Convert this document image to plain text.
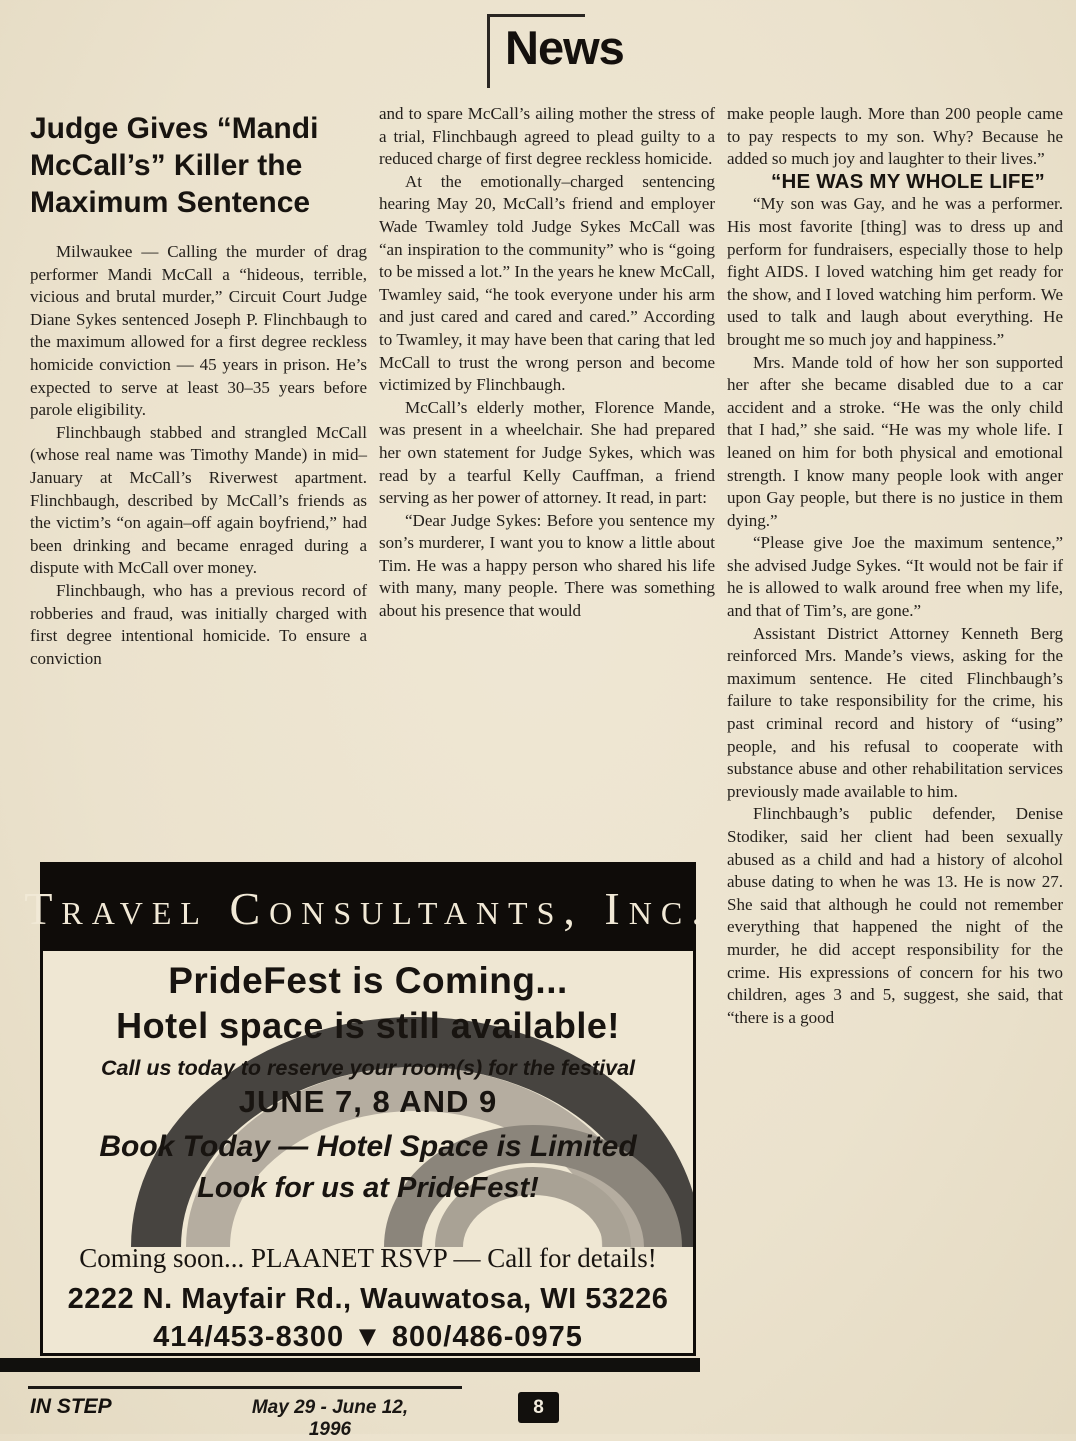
News
Judge Gives “Mandi
McCall’s” Killer the
Maximum Sentence

Milwaukee — Calling the murder of drag performer Mandi McCall a “hideous, terrible, vicious and brutal murder,” Circuit Court Judge Diane Sykes sentenced Joseph P. Flinchbaugh to the maximum allowed for a first degree reckless homicide conviction — 45 years in prison. He’s expected to serve at least 30–35 years before parole eligibility.

Flinchbaugh stabbed and strangled McCall (whose real name was Timothy Mande) in mid–January at McCall’s Riverwest apartment. Flinchbaugh, described by McCall’s friends as the victim’s “on again–off again boyfriend,” had been drinking and became enraged during a dispute with McCall over money.

Flinchbaugh, who has a previous record of robberies and fraud, was initially charged with first degree intentional homicide. To ensure a conviction

and to spare McCall’s ailing mother the stress of a trial, Flinchbaugh agreed to plead guilty to a reduced charge of first degree reckless homicide.

At the emotionally–charged sentencing hearing May 20, McCall’s friend and employer Wade Twamley told Judge Sykes McCall was “an inspiration to the community” who is “going to be missed a lot.” In the years he knew McCall, Twamley said, “he took everyone under his arm and just cared and cared and cared.” According to Twamley, it may have been that caring that led McCall to trust the wrong person and become victimized by Flinchbaugh.

McCall’s elderly mother, Florence Mande, was present in a wheelchair. She had prepared her own statement for Judge Sykes, which was read by a tearful Kelly Cauffman, a friend serving as her power of attorney. It read, in part:

“Dear Judge Sykes: Before you sentence my son’s murderer, I want you to know a little about Tim. He was a happy person who shared his life with many, many people. There was something about his presence that would

make people laugh. More than 200 people came to pay respects to my son. Why? Because he added so much joy and laughter to their lives.”

“HE WAS MY WHOLE LIFE”

“My son was Gay, and he was a performer. His most favorite [thing] was to dress up and perform for fundraisers, especially those to help fight AIDS. I loved watching him get ready for the show, and I loved watching him perform. We used to talk and laugh about everything. He brought me so much joy and happiness.”

Mrs. Mande told of how her son supported her after she became disabled due to a car accident and a stroke. “He was the only child that I had,” she said. “He was my whole life. I leaned on him for both physical and emotional strength. I know many people look with anger upon Gay people, but there is no justice in them dying.”

“Please give Joe the maximum sentence,” she advised Judge Sykes. “It would not be fair if he is allowed to walk around free when my life, and that of Tim’s, are gone.”

Assistant District Attorney Kenneth Berg reinforced Mrs. Mande’s views, asking for the maximum sentence. He cited Flinchbaugh’s failure to take responsibility for the crime, his past criminal record and history of “using” people, and his refusal to cooperate with substance abuse and other rehabilitation services previously made available to him.

Flinchbaugh’s public defender, Denise Stodiker, said her client had been sexually abused as a child and had a history of alcohol abuse dating to when he was 13. He is now 27. She said that although he could not remember everything that happened the night of the murder, he did accept responsibility for the crime. His expressions of concern for his two children, ages 3 and 5, suggest, she said, that “there is a good

Travel Consultants, Inc.
PrideFest is Coming...
Hotel space is still available!
Call us today to reserve your room(s) for the festival
JUNE 7, 8 AND 9
Book Today — Hotel Space is Limited
Look for us at PrideFest!
Coming soon... PLAANET RSVP — Call for details!
2222 N. Mayfair Rd., Wauwatosa, WI 53226
414/453-8300 ▼ 800/486-0975
IN STEP	May 29 - June 12, 1996
8
